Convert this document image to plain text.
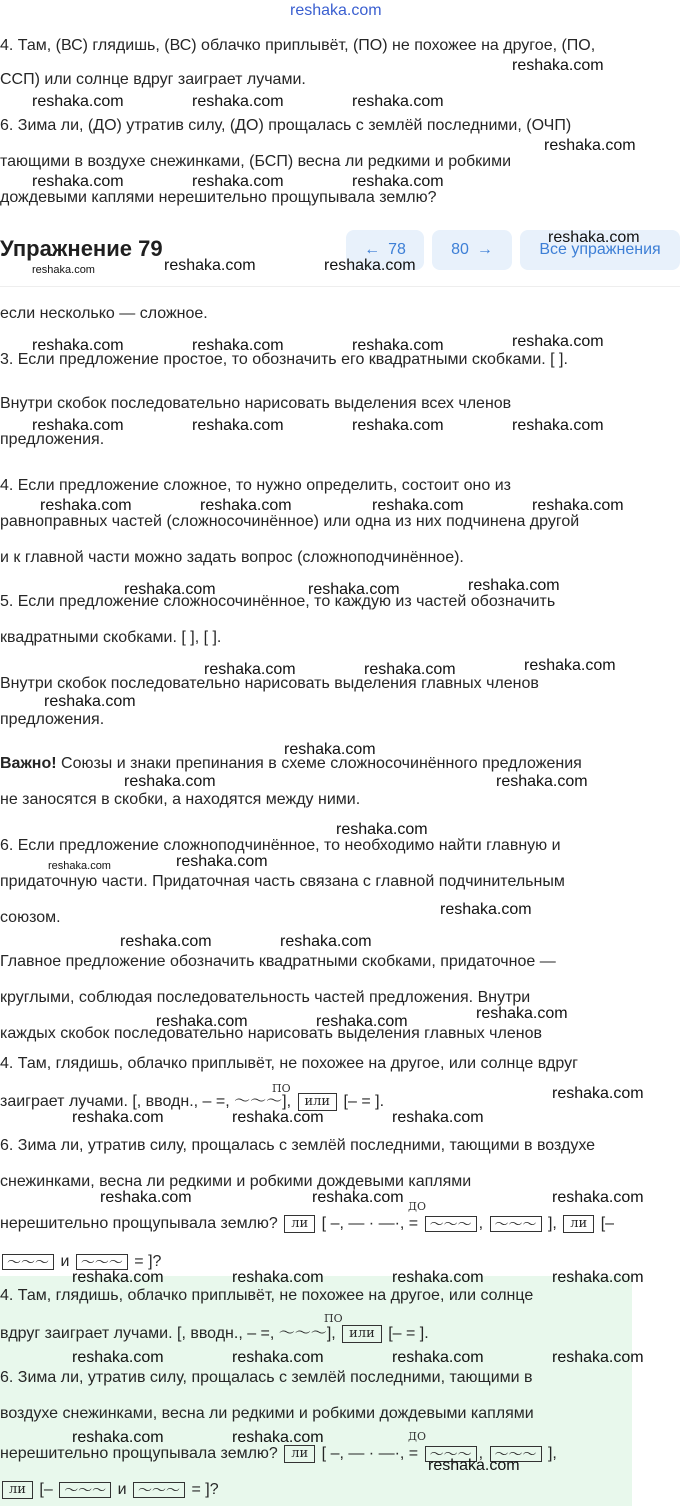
reshaka.com
4. Там, (ВС) глядишь, (ВС) облачко приплывёт, (ПО) не похожее на другое, (ПО,
ССП) или солнце вдруг заиграет лучами.
6. Зима ли, (ДО) утратив силу, (ДО) прощалась с землёй последними, (ОЧП)
тающими в воздухе снежинками, (БСП) весна ли редкими и робкими
дождевыми каплями нерешительно прощупывала землю?
Упражнение 79	← 78	80 →	Все упражнения
если несколько — сложное.
3. Если предложение простое, то обозначить его квадратными скобками. [ ].
Внутри скобок последовательно нарисовать выделения всех членов
предложения.
4. Если предложение сложное, то нужно определить, состоит оно из
равноправных частей (сложносочинённое) или одна из них подчинена другой
и к главной части можно задать вопрос (сложноподчинённое).
5. Если предложение сложносочинённое, то каждую из частей обозначить
квадратными скобками. [ ], [ ].
Внутри скобок последовательно нарисовать выделения главных членов
предложения.
Важно! Союзы и знаки препинания в схеме сложносочинённого предложения
не заносятся в скобки, а находятся между ними.
6. Если предложение сложноподчинённое, то необходимо найти главную и
придаточную части. Придаточная часть связана с главной подчинительным
союзом.
Главное предложение обозначить квадратными скобками, придаточное —
круглыми, соблюдая последовательность частей предложения. Внутри
каждых скобок последовательно нарисовать выделения главных членов
4. Там, глядишь, облачко приплывёт, не похожее на другое, или солнце вдруг
заиграет лучами. [, вводн., – =, 〜〜〜], или [– = ].
ПО
6. Зима ли, утратив силу, прощалась с землёй последними, тающими в воздухе
снежинками, весна ли редкими и робкими дождевыми каплями
нерешительно прощупывала землю? ли [ –, — · —·, = 〜〜〜 , 〜〜〜 ], ли [–
ДО
〜〜〜 и 〜〜〜 = ]?
4. Там, глядишь, облачко приплывёт, не похожее на другое, или солнце
вдруг заиграет лучами. [, вводн., – =, 〜〜〜], или [– = ].
ПО
6. Зима ли, утратив силу, прощалась с землёй последними, тающими в
воздухе снежинками, весна ли редкими и робкими дождевыми каплями
нерешительно прощупывала землю? ли [ –, — · —·, = 〜〜〜 , 〜〜〜 ],
ДО
ли [– 〜〜〜 и 〜〜〜 = ]?
reshaka.com
reshaka.com	reshaka.com	reshaka.com
reshaka.com
reshaka.com	reshaka.com	reshaka.com
reshaka.com
reshaka.com	reshaka.com	reshaka.com
reshaka.com
reshaka.com	reshaka.com	reshaka.com
reshaka.com	reshaka.com	reshaka.com	reshaka.com
reshaka.com	reshaka.com	reshaka.com	reshaka.com
reshaka.com	reshaka.com	reshaka.com
reshaka.com	reshaka.com	reshaka.com
reshaka.com
reshaka.com
reshaka.com	reshaka.com
reshaka.com
reshaka.com	reshaka.com
reshaka.com
reshaka.com	reshaka.com
reshaka.com
reshaka.com	reshaka.com
reshaka.com
reshaka.com	reshaka.com	reshaka.com
reshaka.com	reshaka.com	reshaka.com
reshaka.com	reshaka.com	reshaka.com	reshaka.com
reshaka.com	reshaka.com	reshaka.com	reshaka.com
reshaka.com	reshaka.com
reshaka.com
